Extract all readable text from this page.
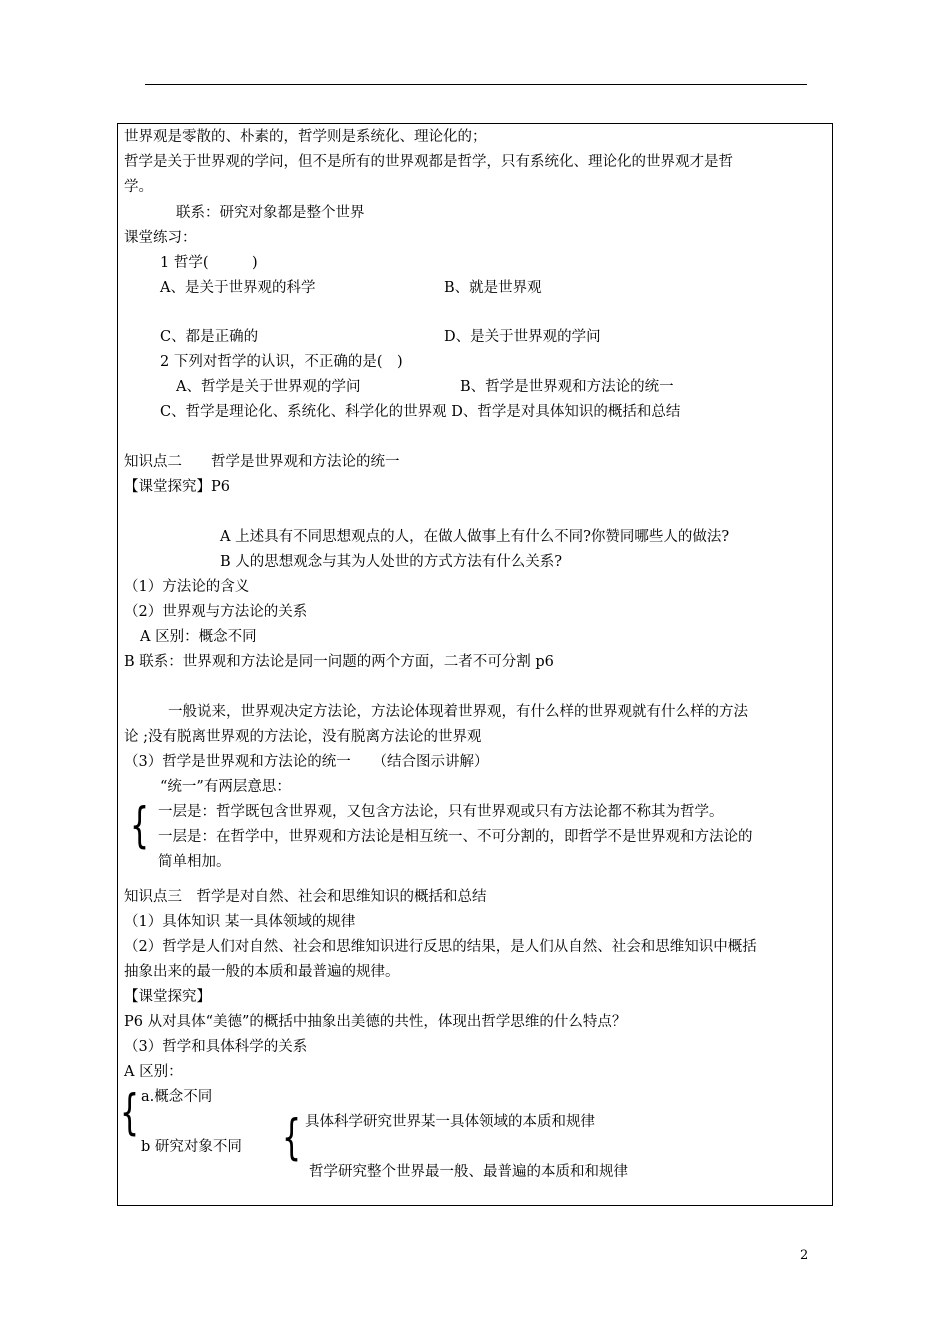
世界观是零散的、朴素的，哲学则是系统化、理论化的；
哲学是关于世界观的学问，但不是所有的世界观都是哲学，只有系统化、理论化的世界观才是哲
学。
联系：研究对象都是整个世界
课堂练习：
1 哲学(　　　)
A、是关于世界观的科学	B、就是世界观
C、都是正确的	D、是关于世界观的学问
2 下列对哲学的认识，不正确的是(　)
A、哲学是关于世界观的学问	B、哲学是世界观和方法论的统一
C、哲学是理论化、系统化、科学化的世界观 D、哲学是对具体知识的概括和总结
知识点二　　哲学是世界观和方法论的统一
【课堂探究】P6
A 上述具有不同思想观点的人，在做人做事上有什么不同?你赞同哪些人的做法?
B 人的思想观念与其为人处世的方式方法有什么关系?
（1）方法论的含义
（2）世界观与方法论的关系
A 区别：概念不同
B 联系：世界观和方法论是同一问题的两个方面，二者不可分割 p6
一般说来，世界观决定方法论，方法论体现着世界观，有什么样的世界观就有什么样的方法
论 ;没有脱离世界观的方法论，没有脱离方法论的世界观
（3）哲学是世界观和方法论的统一　　（结合图示讲解）
“统一”有两层意思：
{ 一层是：哲学既包含世界观，又包含方法论，只有世界观或只有方法论都不称其为哲学。
一层是：在哲学中，世界观和方法论是相互统一、不可分割的，即哲学不是世界观和方法论的
简单相加。
知识点三　哲学是对自然、社会和思维知识的概括和总结
（1）具体知识 某一具体领域的规律
（2）哲学是人们对自然、社会和思维知识进行反思的结果，是人们从自然、社会和思维知识中概括
抽象出来的最一般的本质和最普遍的规律。
【课堂探究】
P6 从对具体“美德”的概括中抽象出美德的共性，体现出哲学思维的什么特点？
（3）哲学和具体科学的关系
A 区别：
{ a.概念不同
b 研究对象不同 { 具体科学研究世界某一具体领域的本质和规律
哲学研究整个世界最一般、最普遍的本质和和规律
2
